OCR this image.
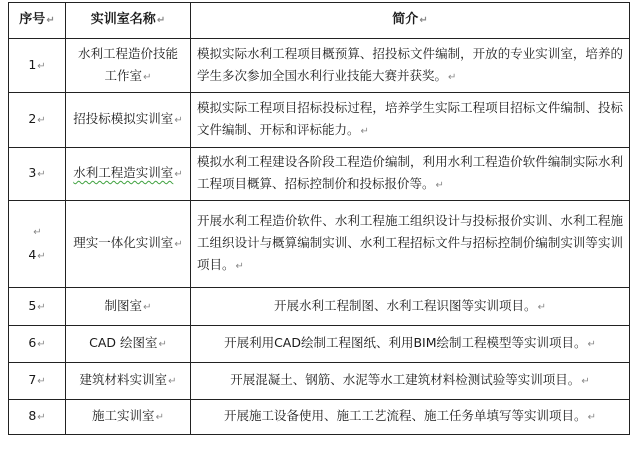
序号↵	实训室名称↵	简介↵
1↵	水利工程造价技能工作室↵	模拟实际水利工程项目概预算、招投标文件编制，开放的专业实训室，培养的学生多次参加全国水利行业技能大赛并获奖。↵
2↵	招投标模拟实训室↵	模拟实际工程项目招标投标过程，培养学生实际工程项目招标文件编制、投标文件编制、开标和评标能力。↵
3↵	水利工程造实训室↵	模拟水利工程建设各阶段工程造价编制，利用水利工程造价软件编制实际水利工程项目概算、招标控制价和投标报价等。↵
↵
4↵	理实一体化实训室↵	开展水利工程造价软件、水利工程施工组织设计与投标报价实训、水利工程施工组织设计与概算编制实训、水利工程招标文件与招标控制价编制实训等实训项目。↵
5↵	制图室↵	开展水利工程制图、水利工程识图等实训项目。↵
6↵	CAD 绘图室↵	开展利用CAD绘制工程图纸、利用BIM绘制工程模型等实训项目。↵
7↵	建筑材料实训室↵	开展混凝土、钢筋、水泥等水工建筑材料检测试验等实训项目。↵
8↵	施工实训室↵	开展施工设备使用、施工工艺流程、施工任务单填写等实训项目。↵
